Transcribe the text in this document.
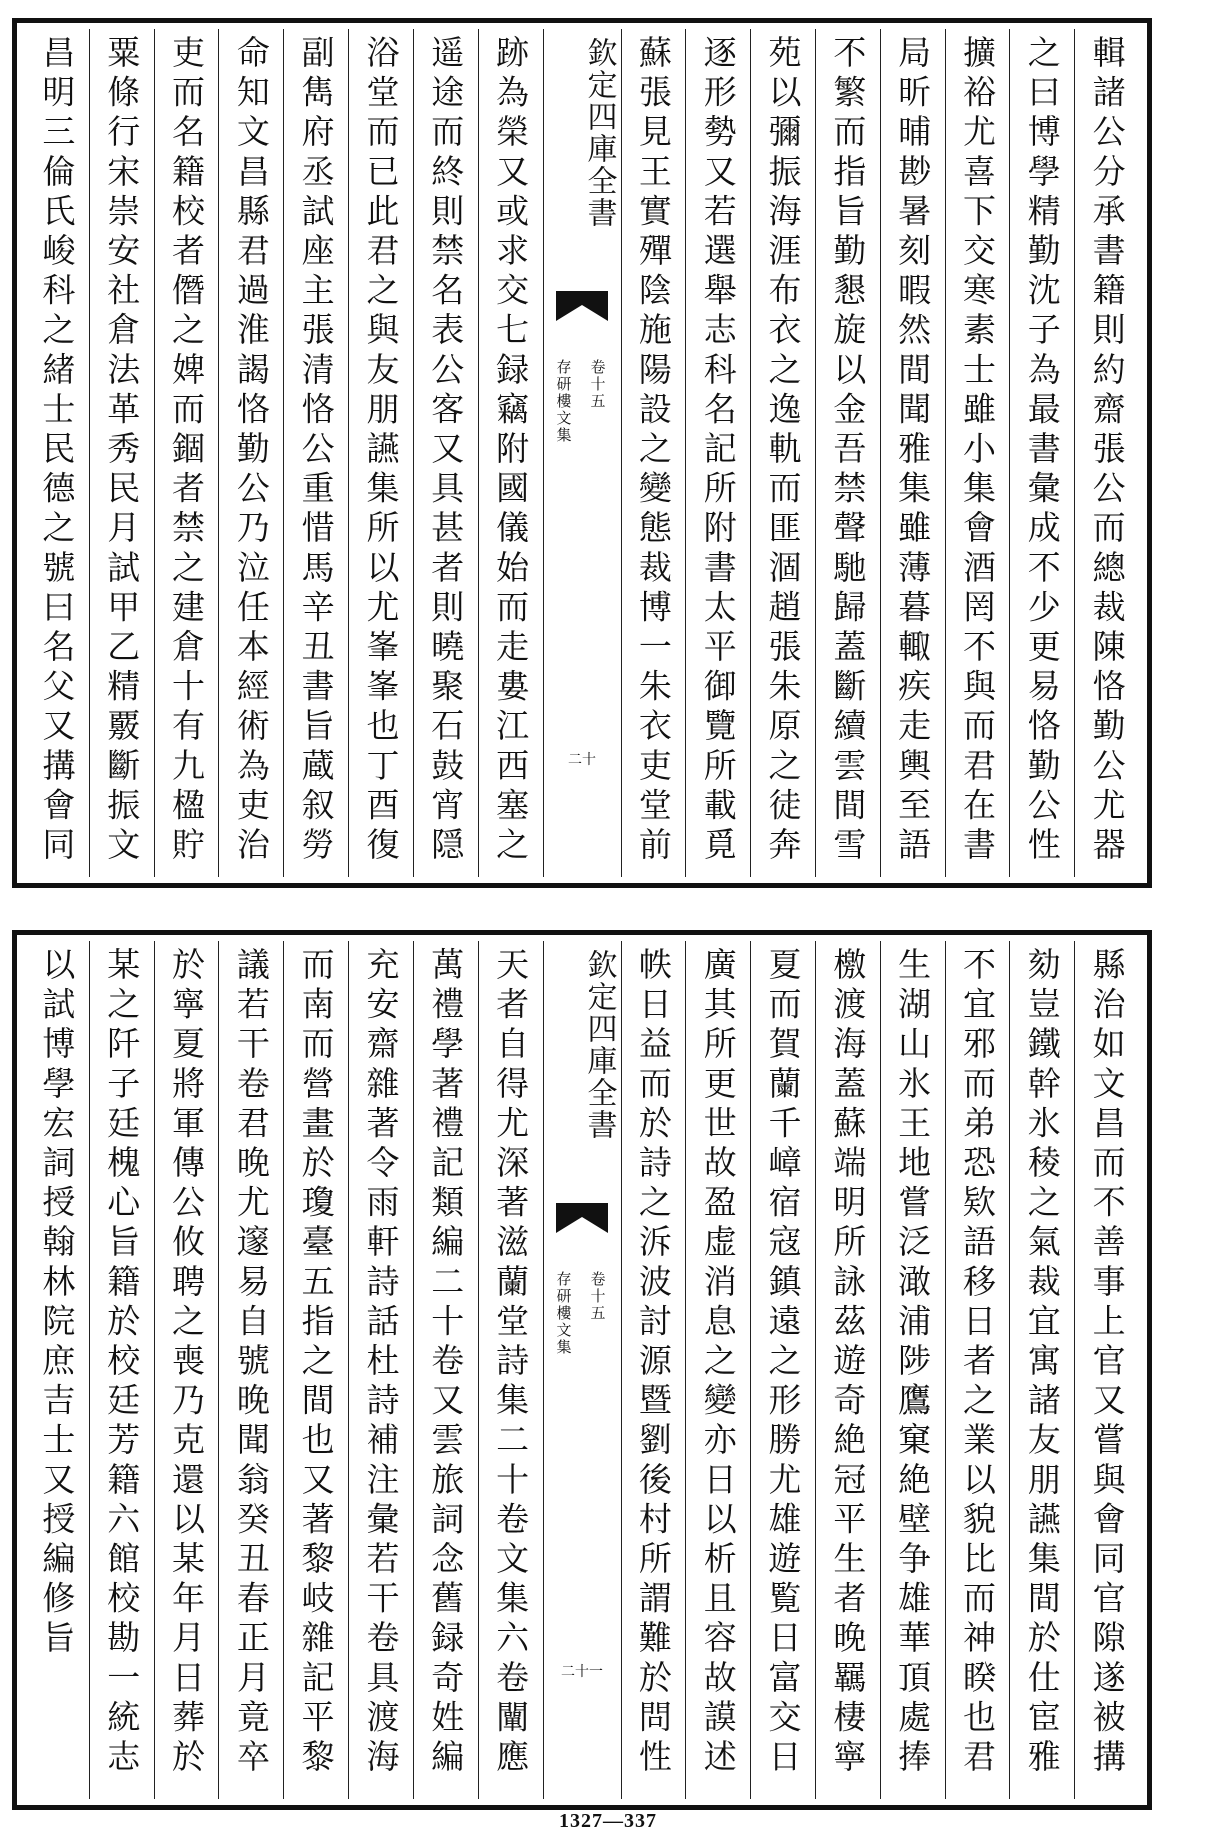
輯諸公分承書籍則約齋張公而總裁陳恪勤公尤器
之曰博學精勤沈子為最書彙成不少更易恪勤公性
擴裕尤喜下交寒素士雖小集會酒罔不與而君在書
局昕晡尠暑刻暇然間聞雅集雖薄暮輙疾走輿至語
不繁而指旨勤懇旋以金吾禁聲馳歸蓋斷續雲間雪
苑以彌振海涯布衣之逸軌而匪涸趙張朱原之徒奔
逐形勢又若選舉志科名記所附書太平御覽所載覓
蘇張見王實殫陰施陽設之變態裁博一朱衣吏堂前
欽定四庫全書
存研樓文集 卷十五
二十
跡為榮又或求交七録竊附國儀始而走婁江西塞之
遥途而終則禁名表公客又具甚者則曉聚石鼓宵隠
浴堂而已此君之與友朋讌集所以尤峯峯也丁酉復
副雋府丞試座主張清恪公重惜馬辛丑書旨蔵叙勞
命知文昌縣君過淮謁恪勤公乃泣任本經術為吏治
吏而名籍校者僭之婢而錮者禁之建倉十有九楹貯
粟條行宋崇安社倉法革秀民月試甲乙精覈斷振文
昌明三倫氏峻科之緒士民德之號曰名父又搆會同
縣治如文昌而不善事上官又嘗與會同官隙遂被搆
劾豈鐵幹氷稜之氣裁宜寓諸友朋讌集間於仕宦雅
不宜邪而弟恐欵語移日者之業以貌比而神睽也君
生湖山氷王地嘗泛澉浦陟鷹窠絶壁争雄華頂處捧
檄渡海蓋蘇端明所詠茲遊奇絶冠平生者晚羈棲寧
夏而賀蘭千嶂宿寇鎮遠之形勝尤雄遊覧日富交日
廣其所更世故盈虚消息之變亦日以析且容故謨述
帙日益而於詩之泝波討源暨劉後村所謂難於問性
欽定四庫全書
存研樓文集 卷十五
二十一
天者自得尤深著滋蘭堂詩集二十卷文集六卷闡應
萬禮學著禮記類編二十卷又雲旅詞念舊録奇姓編
充安齋雜著令雨軒詩話杜詩補注彙若干卷具渡海
而南而營畫於瓊臺五指之間也又著黎岐雜記平黎
議若干卷君晚尤邃易自號晚聞翁癸丑春正月竟卒
於寧夏將軍傳公攸聘之喪乃克還以某年月日葬於
某之阡子廷槐心旨籍於校廷芳籍六館校勘一統志
以試博學宏詞授翰林院庶吉士又授編修旨
1327—337
